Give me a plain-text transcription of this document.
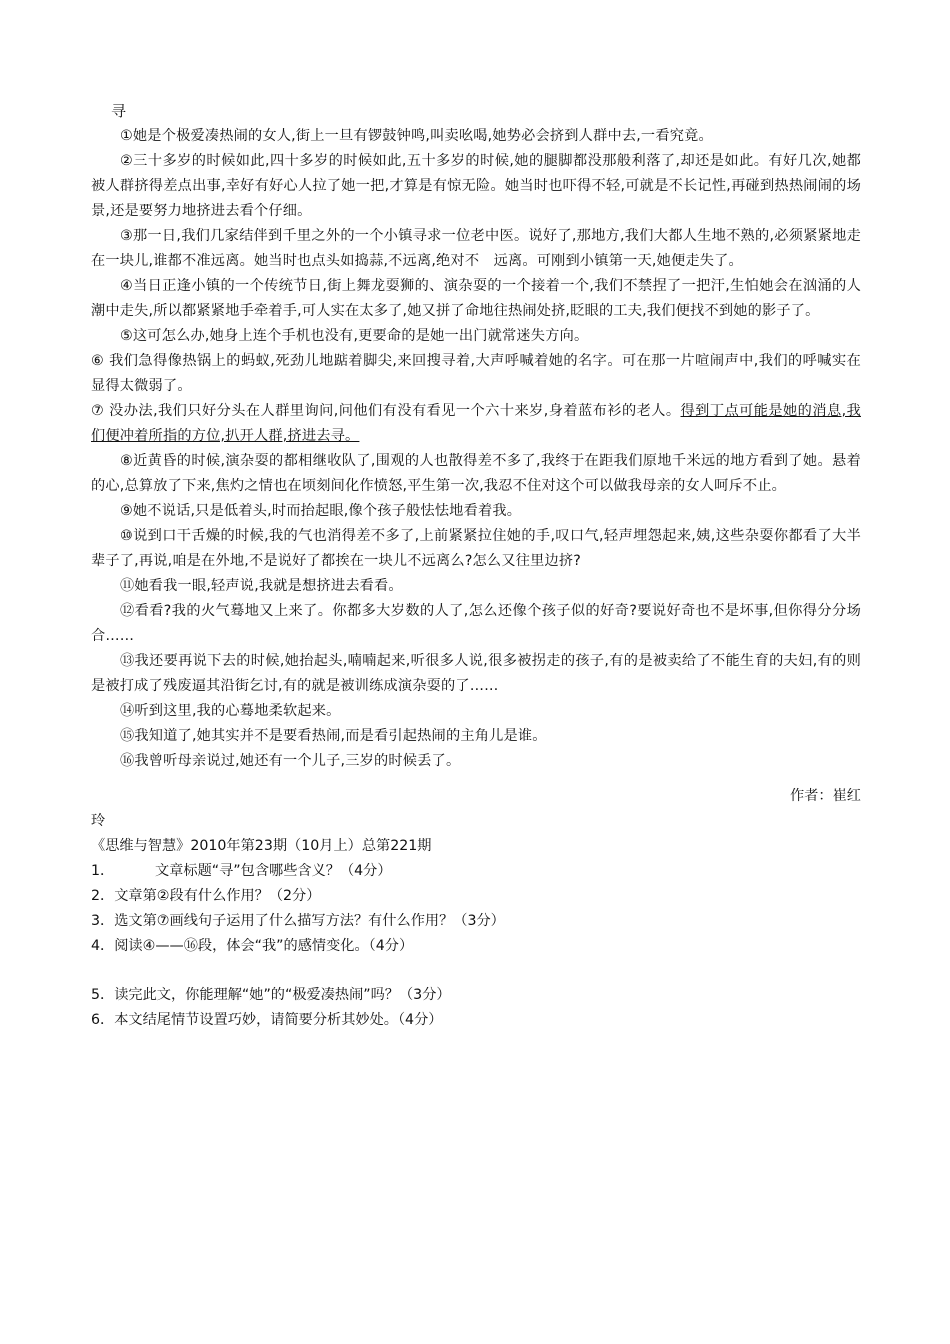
寻

①她是个极爱凑热闹的女人,街上一旦有锣鼓钟鸣,叫卖吆喝,她势必会挤到人群中去,一看究竟。

②三十多岁的时候如此,四十多岁的时候如此,五十多岁的时候,她的腿脚都没那般利落了,却还是如此。有好几次,她都被人群挤得差点出事,幸好有好心人拉了她一把,才算是有惊无险。她当时也吓得不轻,可就是不长记性,再碰到热热闹闹的场景,还是要努力地挤进去看个仔细。

③那一日,我们几家结伴到千里之外的一个小镇寻求一位老中医。说好了,那地方,我们大都人生地不熟的,必须紧紧地走在一块儿,谁都不准远离。她当时也点头如捣蒜,不远离,绝对不　远离。可刚到小镇第一天,她便走失了。

④当日正逢小镇的一个传统节日,街上舞龙耍狮的、演杂耍的一个接着一个,我们不禁捏了一把汗,生怕她会在汹涌的人潮中走失,所以都紧紧地手牵着手,可人实在太多了,她又拼了命地往热闹处挤,眨眼的工夫,我们便找不到她的影子了。

⑤这可怎么办,她身上连个手机也没有,更要命的是她一出门就常迷失方向。

⑥ 我们急得像热锅上的蚂蚁,死劲儿地踮着脚尖,来回搜寻着,大声呼喊着她的名字。可在那一片喧闹声中,我们的呼喊实在显得太微弱了。

⑦ 没办法,我们只好分头在人群里询问,问他们有没有看见一个六十来岁,身着蓝布衫的老人。得到丁点可能是她的消息,我们便冲着所指的方位,扒开人群,挤进去寻。

⑧近黄昏的时候,演杂耍的都相继收队了,围观的人也散得差不多了,我终于在距我们原地千米远的地方看到了她。悬着的心,总算放了下来,焦灼之情也在顷刻间化作愤怒,平生第一次,我忍不住对这个可以做我母亲的女人呵斥不止。

⑨她不说话,只是低着头,时而抬起眼,像个孩子般怯怯地看着我。

⑩说到口干舌燥的时候,我的气也消得差不多了,上前紧紧拉住她的手,叹口气,轻声埋怨起来,姨,这些杂耍你都看了大半辈子了,再说,咱是在外地,不是说好了都挨在一块儿不远离么?怎么又往里边挤?

⑪她看我一眼,轻声说,我就是想挤进去看看。

⑫看看?我的火气蓦地又上来了。你都多大岁数的人了,怎么还像个孩子似的好奇?要说好奇也不是坏事,但你得分分场合……

⑬我还要再说下去的时候,她抬起头,喃喃起来,听很多人说,很多被拐走的孩子,有的是被卖给了不能生育的夫妇,有的则是被打成了残废逼其沿街乞讨,有的就是被训练成演杂耍的了……

⑭听到这里,我的心蓦地柔软起来。

⑮我知道了,她其实并不是要看热闹,而是看引起热闹的主角儿是谁。

⑯我曾听母亲说过,她还有一个儿子,三岁的时候丢了。

作者：崔红

玲

《思维与智慧》2010年第23期（10月上）总第221期

1．	文章标题“寻”包含哪些含义？（4分）

2．文章第②段有什么作用？（2分）

3．选文第⑦画线句子运用了什么描写方法？有什么作用？（3分）

4．阅读④——⑯段，体会“我”的感情变化。（4分）

5．读完此文，你能理解“她”的“极爱凑热闹”吗？（3分）

6．本文结尾情节设置巧妙，请简要分析其妙处。（4分）
